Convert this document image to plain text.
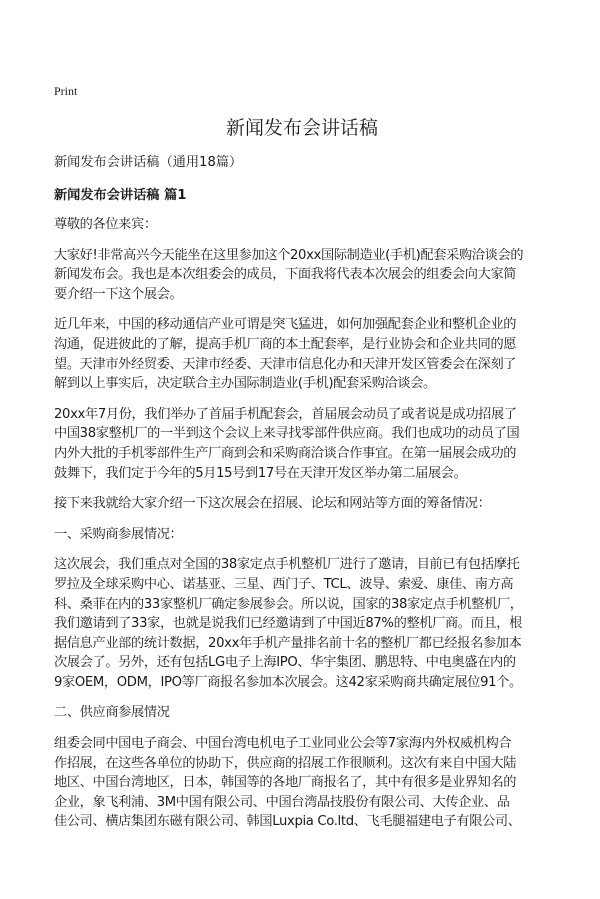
Print
新闻发布会讲话稿
新闻发布会讲话稿（通用18篇）
新闻发布会讲话稿 篇1
尊敬的各位来宾：
大家好!非常高兴今天能坐在这里参加这个20xx国际制造业(手机)配套采购洽谈会的
新闻发布会。我也是本次组委会的成员，下面我将代表本次展会的组委会向大家简
要介绍一下这个展会。
近几年来，中国的移动通信产业可谓是突飞猛进，如何加强配套企业和整机企业的
沟通，促进彼此的了解，提高手机厂商的本土配套率，是行业协会和企业共同的愿
望。天津市外经贸委、天津市经委、天津市信息化办和天津开发区管委会在深刻了
解到以上事实后，决定联合主办国际制造业(手机)配套采购洽谈会。
20xx年7月份，我们举办了首届手机配套会，首届展会动员了或者说是成功招展了
中国38家整机厂的一半到这个会议上来寻找零部件供应商。我们也成功的动员了国
内外大批的手机零部件生产厂商到会和采购商洽谈合作事宜。在第一届展会成功的
鼓舞下，我们定于今年的5月15号到17号在天津开发区举办第二届展会。
接下来我就给大家介绍一下这次展会在招展、论坛和网站等方面的筹备情况：
一、采购商参展情况：
这次展会，我们重点对全国的38家定点手机整机厂进行了邀请，目前已有包括摩托
罗拉及全球采购中心、诺基亚、三星、西门子、TCL、波导、索爱、康佳、南方高
科、桑菲在内的33家整机厂确定参展参会。所以说，国家的38家定点手机整机厂，
我们邀请到了33家，也就是说我们已经邀请到了中国近87%的整机厂商。而且，根
据信息产业部的统计数据，20xx年手机产量排名前十名的整机厂都已经报名参加本
次展会了。另外，还有包括LG电子上海IPO、华宇集团、鹏思特、中电奥盛在内的
9家OEM，ODM，IPO等厂商报名参加本次展会。这42家采购商共确定展位91个。
二、供应商参展情况
组委会同中国电子商会、中国台湾电机电子工业同业公会等7家海内外权威机构合
作招展，在这些各单位的协助下，供应商的招展工作很顺利。这次有来自中国大陆
地区、中国台湾地区，日本，韩国等的各地厂商报名了，其中有很多是业界知名的
企业，象飞利浦、3M中国有限公司、中国台湾晶技股份有限公司、大传企业、品
佳公司、横店集团东磁有限公司、韩国Luxpia Co.ltd、飞毛腿福建电子有限公司、
